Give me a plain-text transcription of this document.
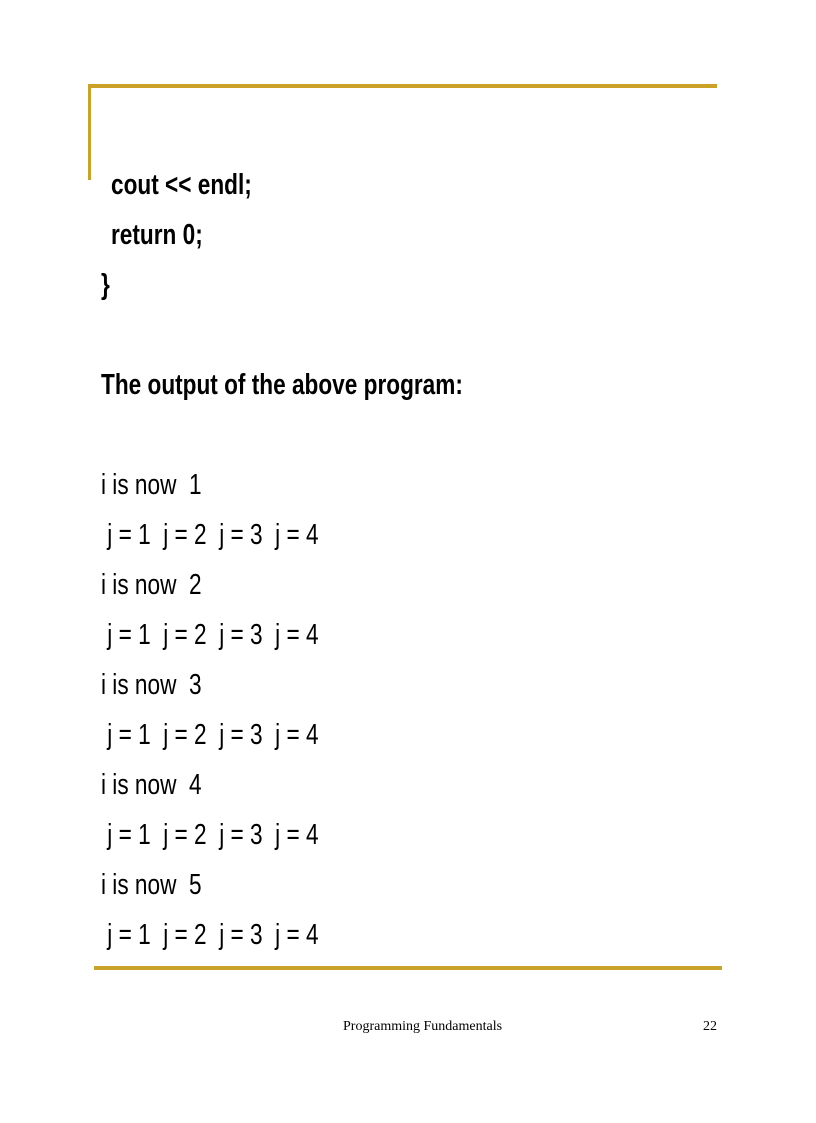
cout << endl;
return 0;
}
The output of the above program:
i is now  1
j = 1  j = 2  j = 3  j = 4
i is now  2
j = 1  j = 2  j = 3  j = 4
i is now  3
j = 1  j = 2  j = 3  j = 4
i is now  4
j = 1  j = 2  j = 3  j = 4
i is now  5
j = 1  j = 2  j = 3  j = 4
Programming Fundamentals	22
